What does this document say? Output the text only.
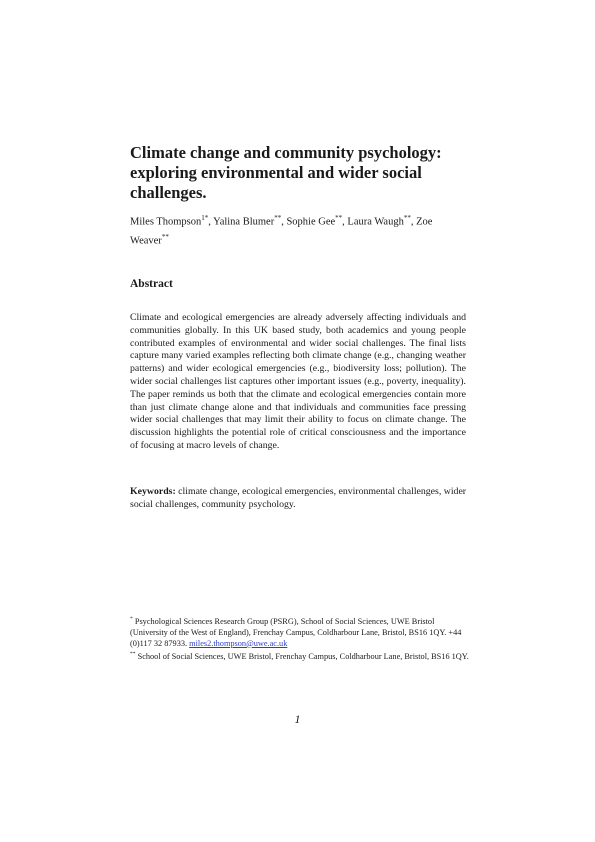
Climate change and community psychology: exploring environmental and wider social challenges.

Miles Thompson$^{1*}$, Yalina Blumer**, Sophie Gee**, Laura Waugh**, Zoe Weaver**

Abstract

Climate and ecological emergencies are already adversely affecting individuals and communities globally. In this UK based study, both academics and young people contributed examples of environmental and wider social challenges. The final lists capture many varied examples reflecting both climate change (e.g., changing weather patterns) and wider ecological emergencies (e.g., biodiversity loss; pollution). The wider social challenges list captures other important issues (e.g., poverty, inequality). The paper reminds us both that the climate and ecological emergencies contain more than just climate change alone and that individuals and communities face pressing wider social challenges that may limit their ability to focus on climate change. The discussion highlights the potential role of critical consciousness and the importance of focusing at macro levels of change.

Keywords: climate change, ecological emergencies, environmental challenges, wider social challenges, community psychology.

* Psychological Sciences Research Group (PSRG), School of Social Sciences, UWE Bristol (University of the West of England), Frenchay Campus, Coldharbour Lane, Bristol, BS16 1QY. +44 (0)117 32 87933. miles2.thompson@uwe.ac.uk

** School of Social Sciences, UWE Bristol, Frenchay Campus, Coldharbour Lane, Bristol, BS16 1QY.

1
